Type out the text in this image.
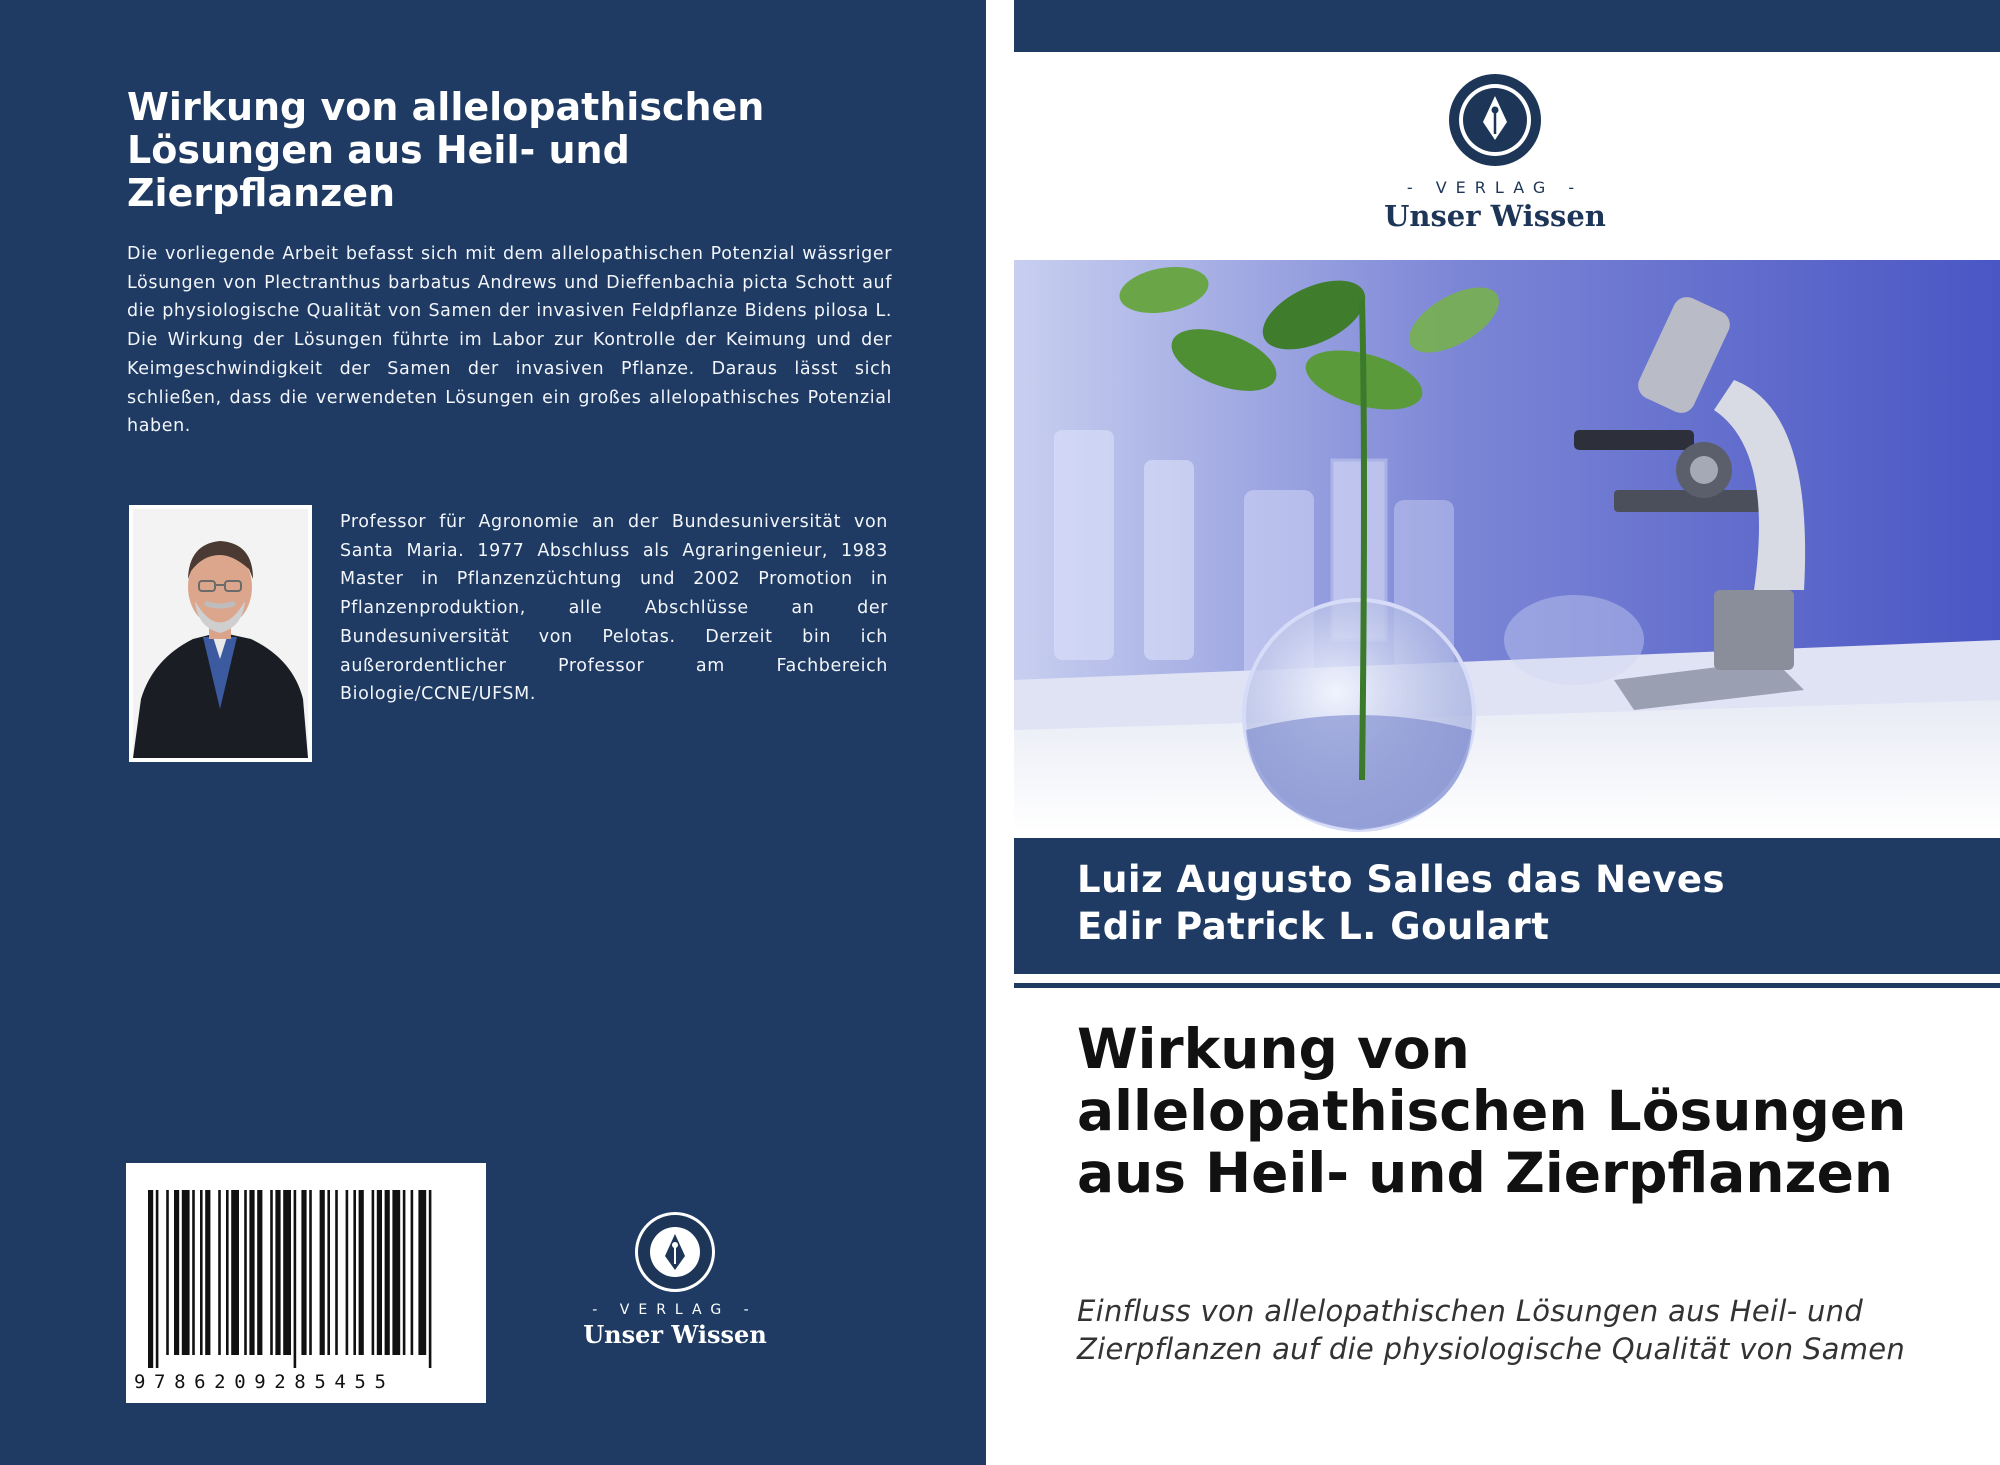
Wirkung von allelopathischen Lösungen aus Heil- und Zierpflanzen

Die vorliegende Arbeit befasst sich mit dem allelopathischen Potenzial wässriger Lösungen von Plectranthus barbatus Andrews und Dieffenbachia picta Schott auf die physiologische Qualität von Samen der invasiven Feldpflanze Bidens pilosa L. Die Wirkung der Lösungen führte im Labor zur Kontrolle der Keimung und der Keimgeschwindigkeit der Samen der invasiven Pflanze. Daraus lässt sich schließen, dass die verwendeten Lösungen ein großes allelopathisches Potenzial haben.

Professor für Agronomie an der Bundesuniversität von Santa Maria. 1977 Abschluss als Agraringenieur, 1983 Master in Pflanzenzüchtung und 2002 Promotion in Pflanzenproduktion, alle Abschlüsse an der Bundesuniversität von Pelotas. Derzeit bin ich außerordentlicher Professor am Fachbereich Biologie/CCNE/UFSM.

9786209285455
- VERLAG -
Unser Wissen
- VERLAG -
Unser Wissen
Luiz Augusto Salles das Neves
Edir Patrick L. Goulart
Wirkung von allelopathischen Lösungen aus Heil- und Zierpflanzen

Einfluss von allelopathischen Lösungen aus Heil- und Zierpflanzen auf die physiologische Qualität von Samen
